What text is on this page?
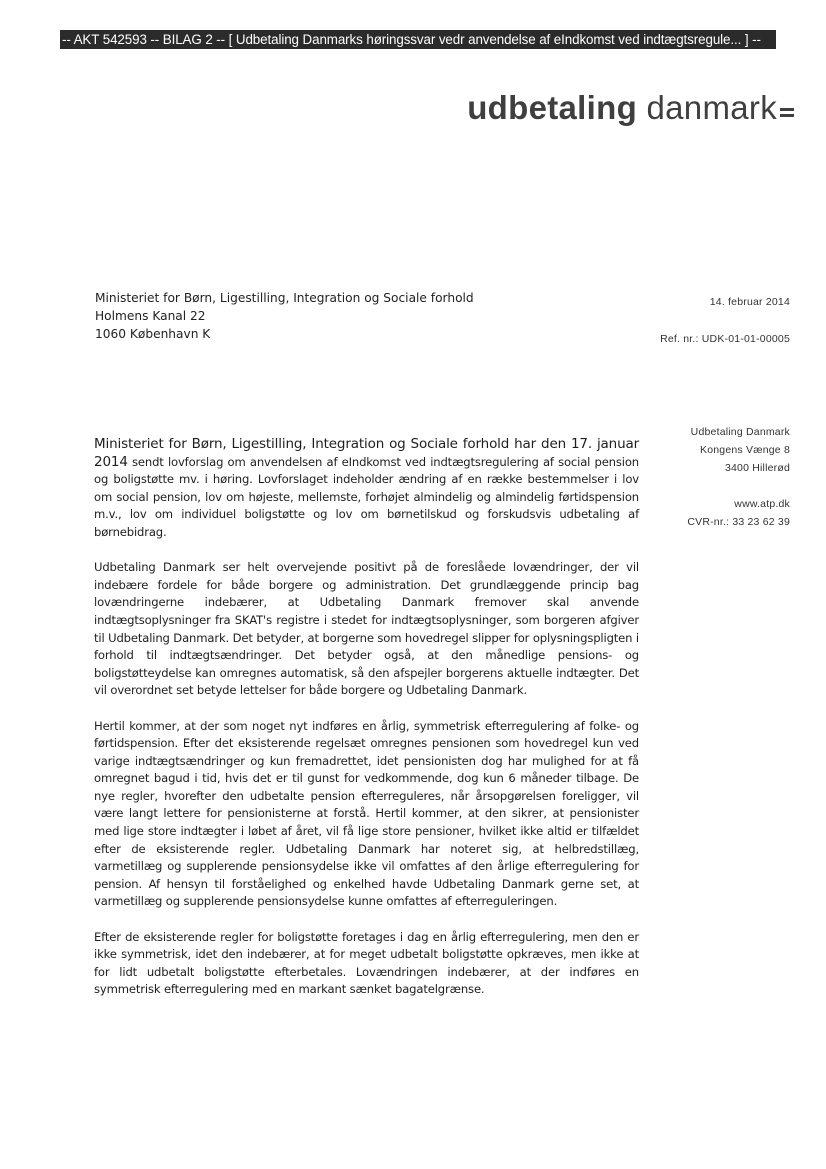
-- AKT 542593 -- BILAG 2 -- [ Udbetaling Danmarks høringssvar vedr anvendelse af eIndkomst ved indtægtsregule... ] --
udbetaling danmark
Ministeriet for Børn, Ligestilling, Integration og Sociale forhold
Holmens Kanal 22
1060 København K
14. februar 2014
Ref. nr.: UDK-01-01-00005
Udbetaling Danmark
Kongens Vænge 8
3400 Hillerød
www.atp.dk
CVR-nr.: 33 23 62 39

Ministeriet for Børn, Ligestilling, Integration og Sociale forhold har den 17. januar 2014 sendt lovforslag om anvendelsen af eIndkomst ved indtægtsregulering af social pension og boligstøtte mv. i høring. Lovforslaget indeholder ændring af en række bestemmelser i lov om social pension, lov om højeste, mellemste, forhøjet almindelig og almindelig førtidspension m.v., lov om individuel boligstøtte og lov om børnetilskud og forskudsvis udbetaling af børnebidrag.

Udbetaling Danmark ser helt overvejende positivt på de foreslåede lovændringer, der vil indebære fordele for både borgere og administration. Det grundlæggende princip bag lovændringerne indebærer, at Udbetaling Danmark fremover skal anvende indtægtsoplysninger fra SKAT's registre i stedet for indtægtsoplysninger, som borgeren afgiver til Udbetaling Danmark. Det betyder, at borgerne som hovedregel slipper for oplysningspligten i forhold til indtægtsændringer. Det betyder også, at den månedlige pensions- og boligstøtteydelse kan omregnes automatisk, så den afspejler borgerens aktuelle indtægter. Det vil overordnet set betyde lettelser for både borgere og Udbetaling Danmark.

Hertil kommer, at der som noget nyt indføres en årlig, symmetrisk efterregulering af folke- og førtidspension. Efter det eksisterende regelsæt omregnes pensionen som hovedregel kun ved varige indtægtsændringer og kun fremadrettet, idet pensionisten dog har mulighed for at få omregnet bagud i tid, hvis det er til gunst for vedkommende, dog kun 6 måneder tilbage. De nye regler, hvorefter den udbetalte pension efterreguleres, når årsopgørelsen foreligger, vil være langt lettere for pensionisterne at forstå. Hertil kommer, at den sikrer, at pensionister med lige store indtægter i løbet af året, vil få lige store pensioner, hvilket ikke altid er tilfældet efter de eksisterende regler. Udbetaling Danmark har noteret sig, at helbredstillæg, varmetillæg og supplerende pensionsydelse ikke vil omfattes af den årlige efterregulering for pension. Af hensyn til forståelighed og enkelhed havde Udbetaling Danmark gerne set, at varmetillæg og supplerende pensionsydelse kunne omfattes af efterreguleringen.

Efter de eksisterende regler for boligstøtte foretages i dag en årlig efterregulering, men den er ikke symmetrisk, idet den indebærer, at for meget udbetalt boligstøtte opkræves, men ikke at for lidt udbetalt boligstøtte efterbetales. Lovændringen indebærer, at der indføres en symmetrisk efterregulering med en markant sænket bagatelgrænse.
